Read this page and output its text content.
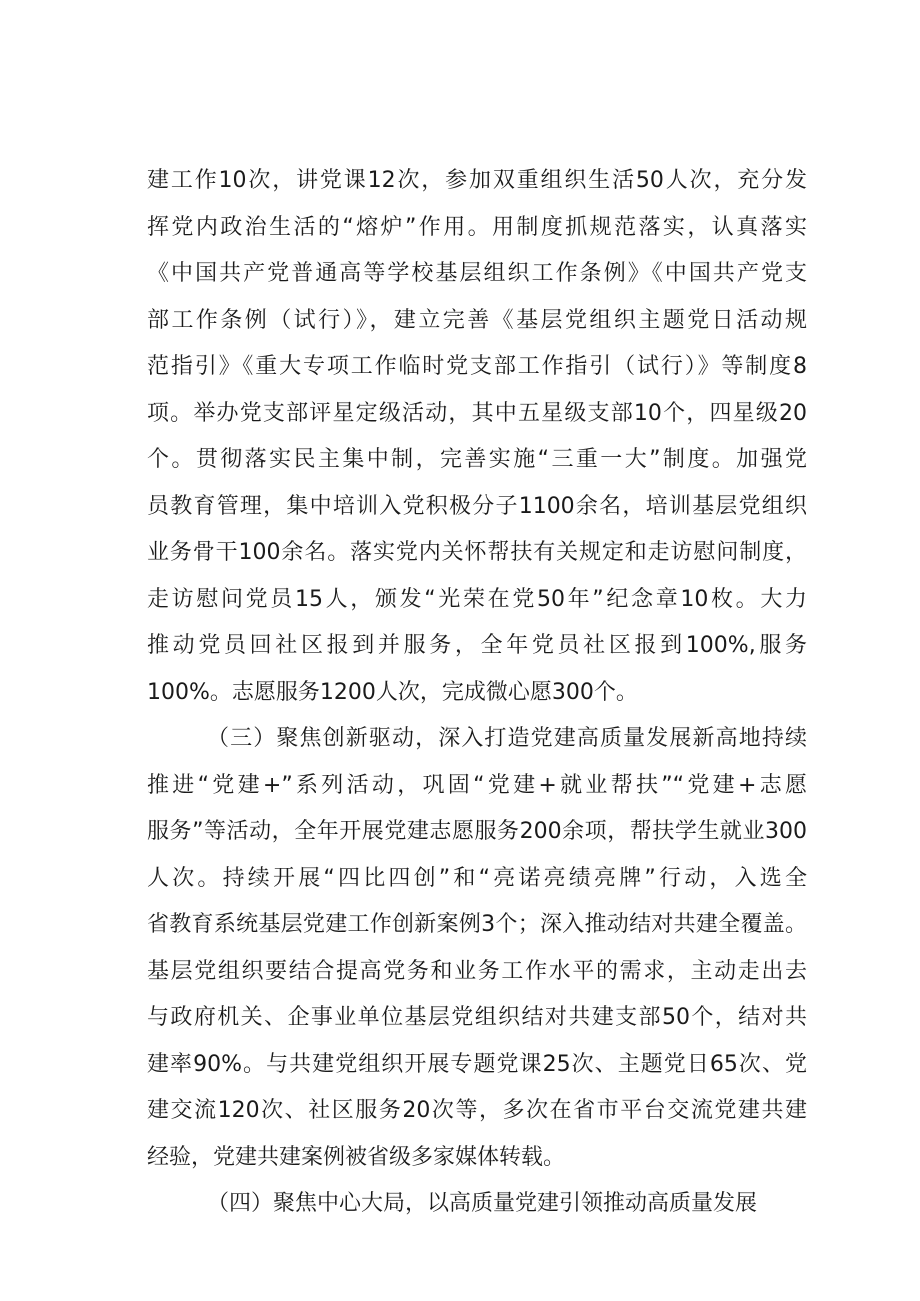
建工作10次，讲党课12次，参加双重组织生活50人次，充分发
挥党内政治生活的“熔炉”作用。用制度抓规范落实，认真落实
《中国共产党普通高等学校基层组织工作条例》《中国共产党支
部工作条例（试行）》，建立完善《基层党组织主题党日活动规
范指引》《重大专项工作临时党支部工作指引（试行）》等制度8
项。举办党支部评星定级活动，其中五星级支部10个，四星级20
个。贯彻落实民主集中制，完善实施“三重一大”制度。加强党
员教育管理，集中培训入党积极分子1100余名，培训基层党组织
业务骨干100余名。落实党内关怀帮扶有关规定和走访慰问制度，
走访慰问党员15人，颁发“光荣在党50年”纪念章10枚。大力
推动党员回社区报到并服务，全年党员社区报到100%,服务
100%。志愿服务1200人次，完成微心愿300个。
（三）聚焦创新驱动，深入打造党建高质量发展新高地持续
推进“党建+”系列活动，巩固“党建+就业帮扶”“党建+志愿
服务”等活动，全年开展党建志愿服务200余项，帮扶学生就业300
人次。持续开展“四比四创”和“亮诺亮绩亮牌”行动，入选全
省教育系统基层党建工作创新案例3个；深入推动结对共建全覆盖。
基层党组织要结合提高党务和业务工作水平的需求，主动走出去
与政府机关、企事业单位基层党组织结对共建支部50个，结对共
建率90%。与共建党组织开展专题党课25次、主题党日65次、党
建交流120次、社区服务20次等，多次在省市平台交流党建共建
经验，党建共建案例被省级多家媒体转载。
（四）聚焦中心大局，以高质量党建引领推动高质量发展
